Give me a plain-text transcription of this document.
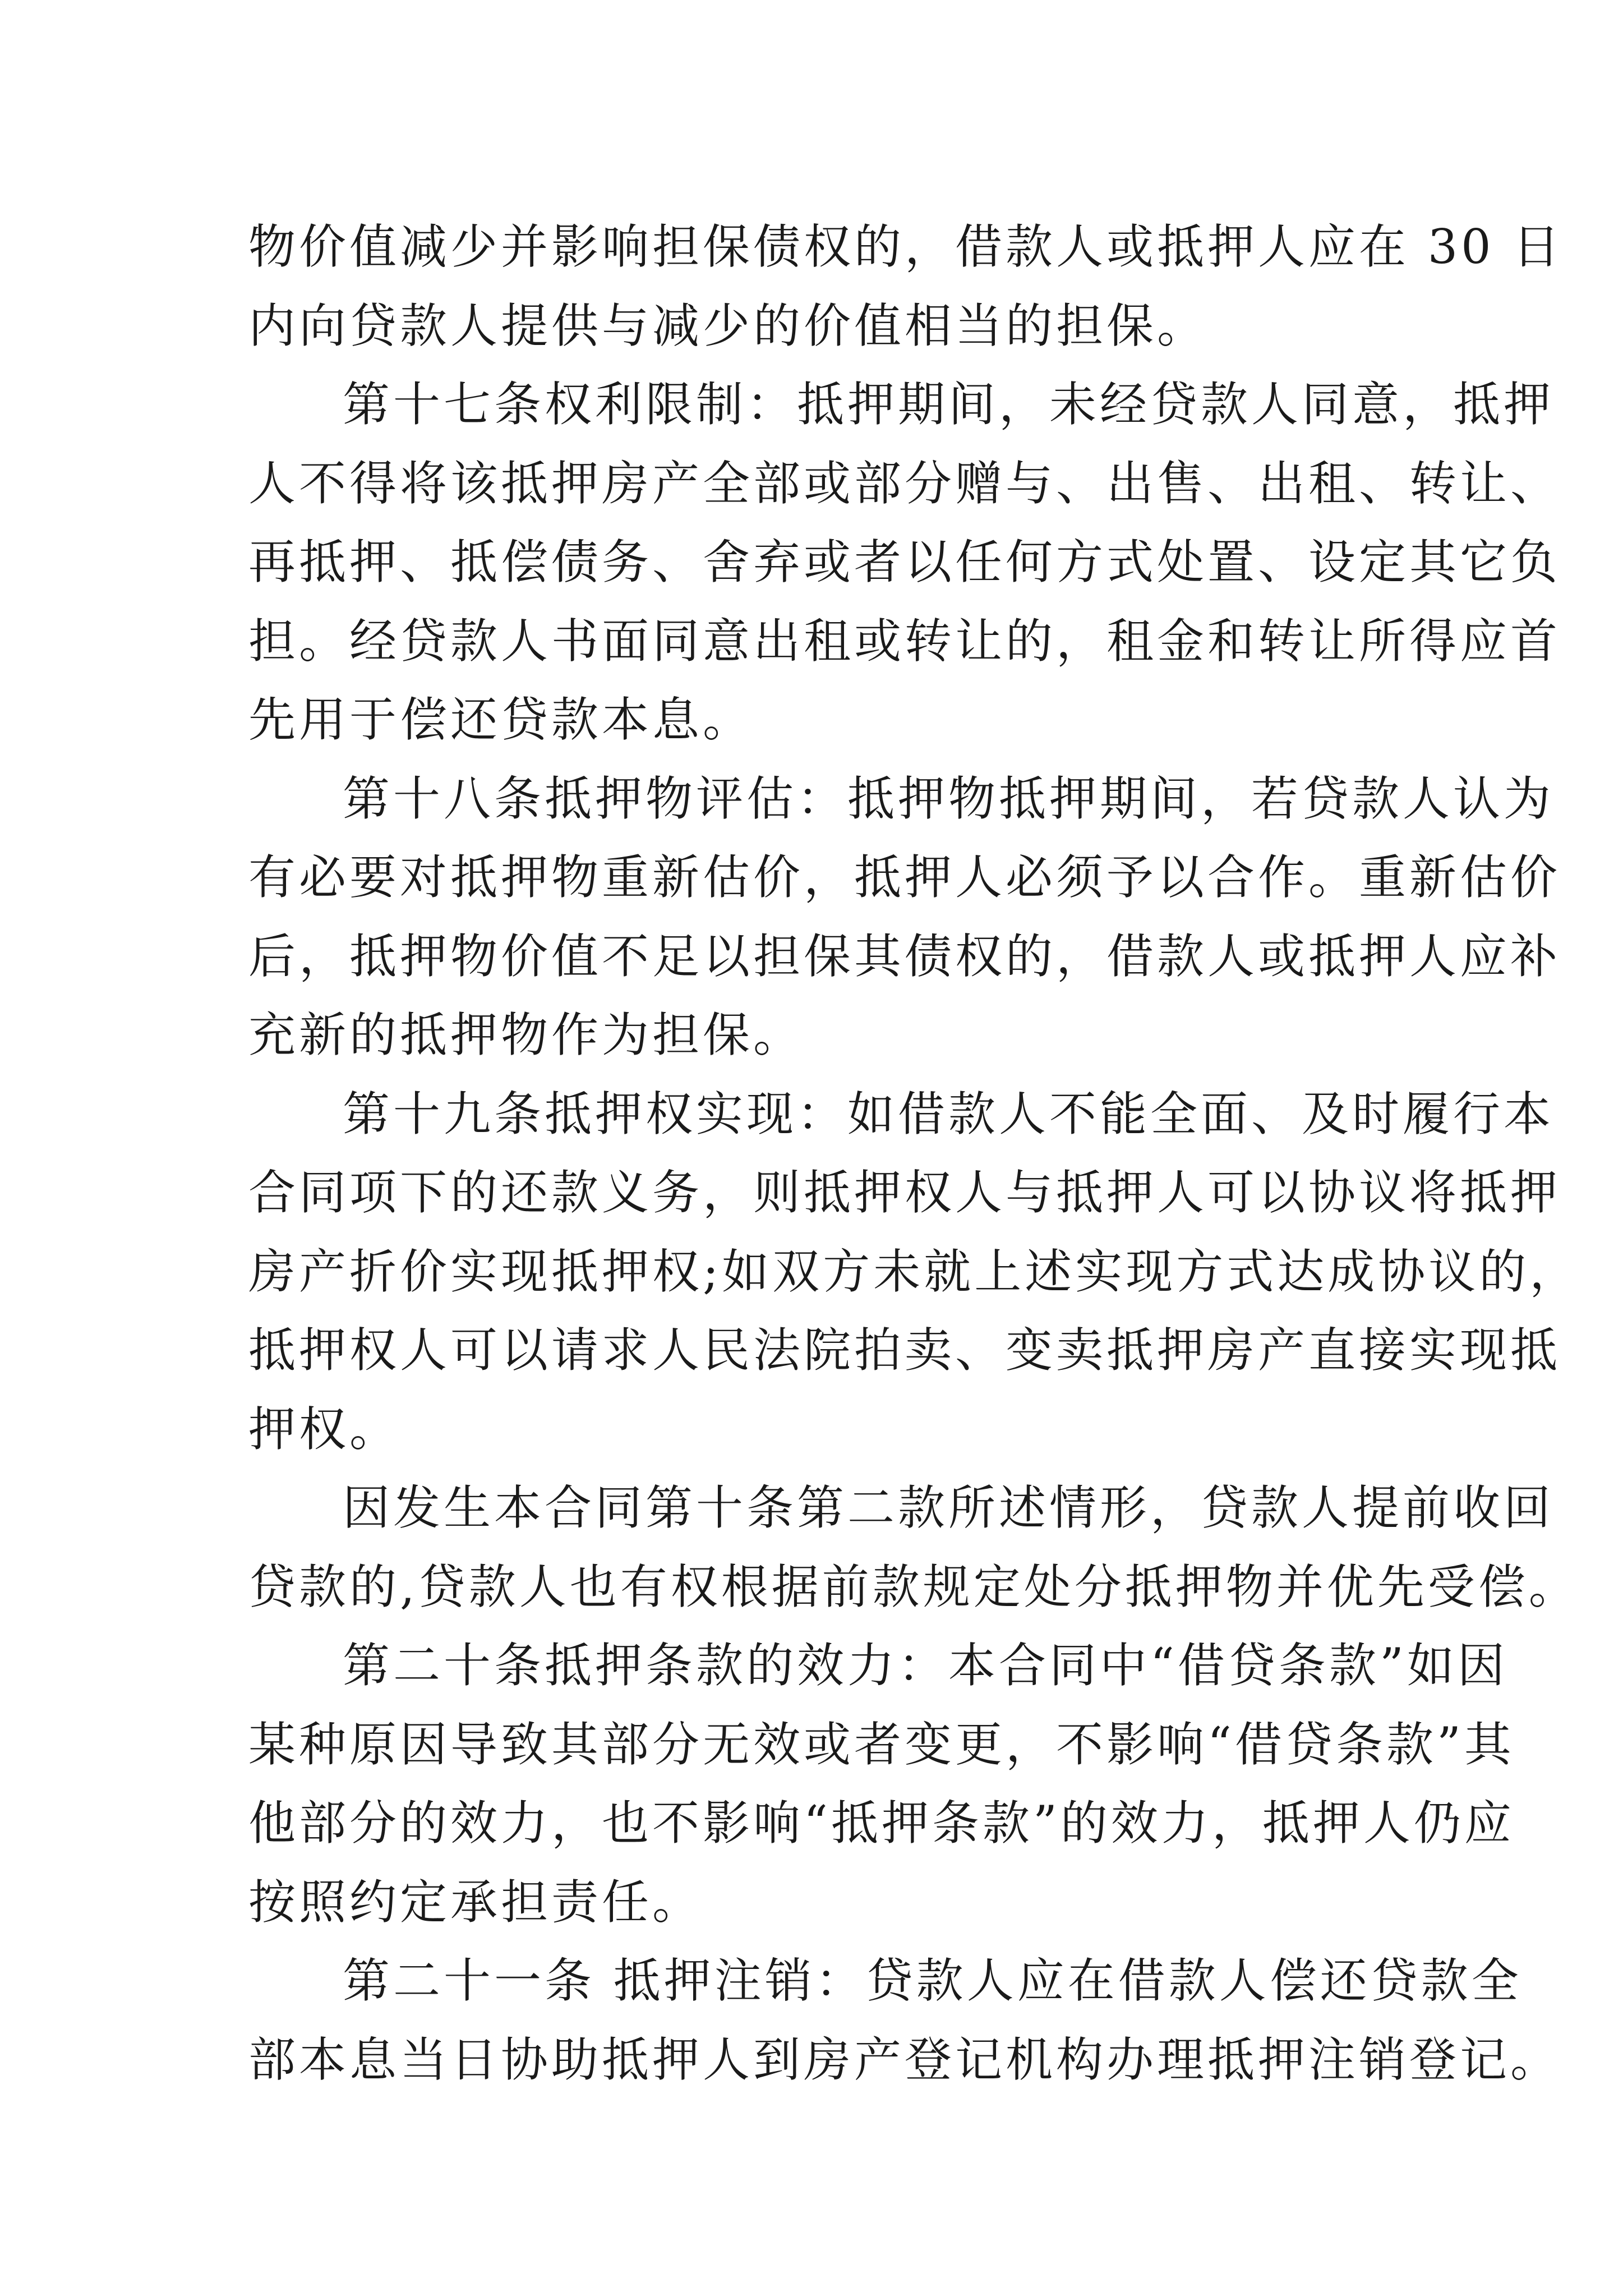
物价值减少并影响担保债权的，借款人或抵押人应在 30 日
内向贷款人提供与减少的价值相当的担保。
第十七条权利限制：抵押期间，未经贷款人同意，抵押
人不得将该抵押房产全部或部分赠与、出售、出租、转让、
再抵押、抵偿债务、舍弃或者以任何方式处置、设定其它负
担。经贷款人书面同意出租或转让的，租金和转让所得应首
先用于偿还贷款本息。
第十八条抵押物评估：抵押物抵押期间，若贷款人认为
有必要对抵押物重新估价，抵押人必须予以合作。重新估价
后，抵押物价值不足以担保其债权的，借款人或抵押人应补
充新的抵押物作为担保。
第十九条抵押权实现：如借款人不能全面、及时履行本
合同项下的还款义务，则抵押权人与抵押人可以协议将抵押
房产折价实现抵押权;如双方未就上述实现方式达成协议的，
抵押权人可以请求人民法院拍卖、变卖抵押房产直接实现抵
押权。
因发生本合同第十条第二款所述情形，贷款人提前收回
贷款的,贷款人也有权根据前款规定处分抵押物并优先受偿。
第二十条抵押条款的效力：本合同中“借贷条款”如因
某种原因导致其部分无效或者变更，不影响“借贷条款”其
他部分的效力，也不影响“抵押条款”的效力，抵押人仍应
按照约定承担责任。
第二十一条 抵押注销：贷款人应在借款人偿还贷款全
部本息当日协助抵押人到房产登记机构办理抵押注销登记。
